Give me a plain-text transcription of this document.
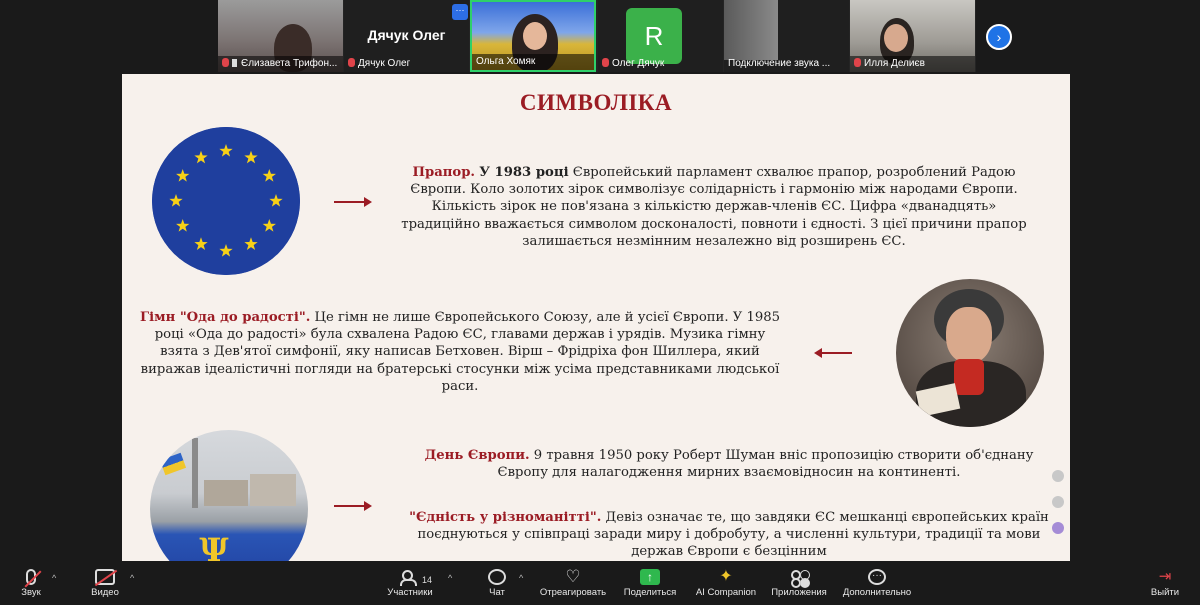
Єлизавета Трифон...
Дячук Олег
···
Дячук Олег	Ольга Хомяк
R
Олег Дячук	Подключение звука ...	Илля Делиєв
›
СИМВОЛІКА
Прапор. У 1983 році Європейський парламент схвалює прапор, розроблений Радою Європи. Коло золотих зірок символізує солідарність і гармонію між народами Європи. Кількість зірок не пов'язана з кількістю держав-членів ЄС. Цифра «дванадцять» традиційно вважається символом досконалості, повноти і єдності. З цієї причини прапор залишається незмінним незалежно від розширень ЄС.
Гімн "Ода до радості". Це гімн не лише Європейського Союзу, але й усієї Європи. У 1985 році «Ода до радості» була схвалена Радою ЄС, главами держав і урядів. Музика гімну взята з Дев'ятої симфонії, яку написав Бетховен. Вірш – Фрідріха фон Шиллера, який виражав ідеалістичні погляди на братерські стосунки між усіма представниками людської раси.
Ψ
День Європи. 9 травня 1950 року Роберт Шуман вніс пропозицію створити об'єднану Європу для налагодження мирних взаємовідносин на континенті.
"Єдність у різноманітті". Девіз означає те, що завдяки ЄС мешканці європейських країн поєднуються у співпраці заради миру і добробуту, а численні культури, традиції та мови держав Європи є безцінним
Звук
^
Видео
^	14
Участники
^
Чат
^ ♡
Отреагировать
↑
Поделиться
✦
AI Companion	Приложения
···
Дополнительно
⇥
Выйти
